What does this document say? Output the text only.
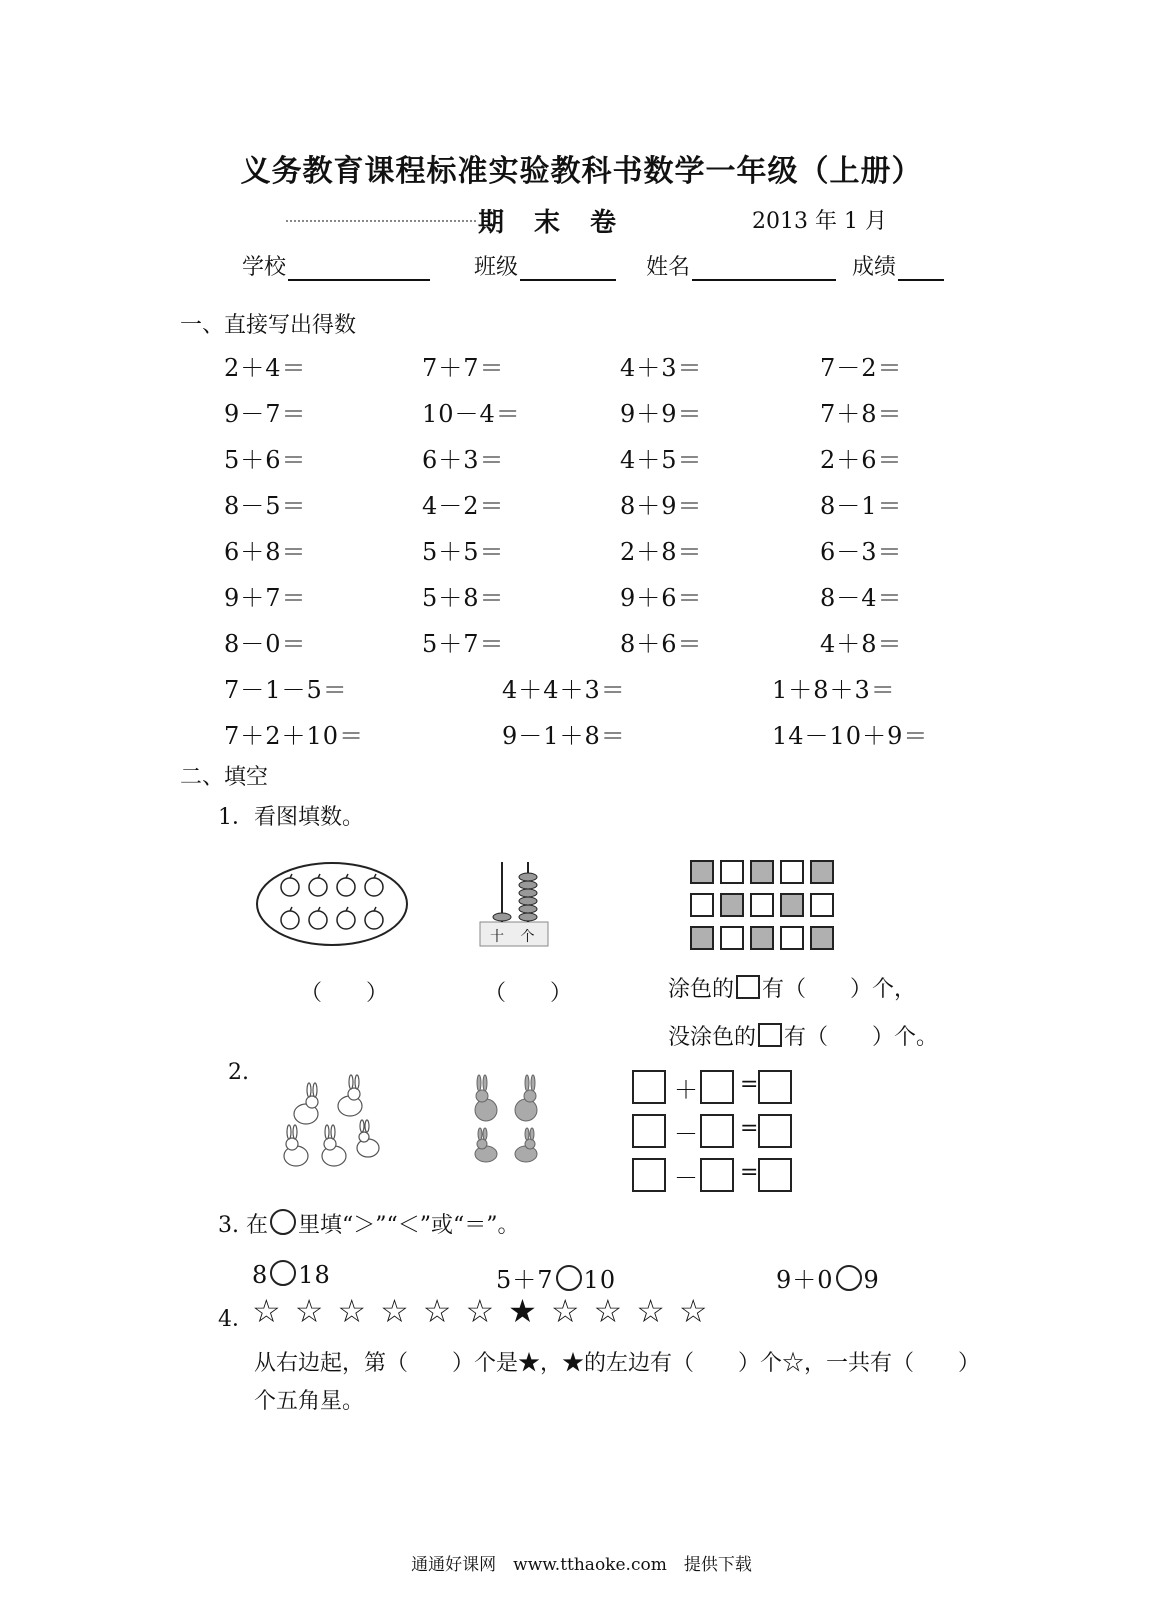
义务教育课程标准实验教科书数学一年级（上册）
期末卷	2013 年 1 月
学校	班级	姓名	成绩
一、直接写出得数
2＋4＝	7＋7＝	4＋3＝	7－2＝
9－7＝	10－4＝	9＋9＝	7＋8＝
5＋6＝	6＋3＝	4＋5＝	2＋6＝
8－5＝	4－2＝	8＋9＝	8－1＝
6＋8＝	5＋5＝	2＋8＝	6－3＝
9＋7＝	5＋8＝	9＋6＝	8－4＝
8－0＝	5＋7＝	8＋6＝	4＋8＝
7－1－5＝	4＋4＋3＝	1＋8＋3＝
7＋2＋10＝	9－1＋8＝	14－10＋9＝
二、填空
1．看图填数。
（　　）
十 个
（　　）	涂色的 有（　　）个，
没涂色的 有（　　）个。
2.
＋ =
－ =
－ =
3. 在 里填“＞”“＜”或“＝”。
8 18	5＋7 10	9＋0 9
4．
☆☆☆☆☆☆★☆☆☆☆
从右边起，第（　　）个是★，★的左边有（　　）个☆，一共有（　　）
个五角星。
通通好课网　www.tthaoke.com　提供下载
